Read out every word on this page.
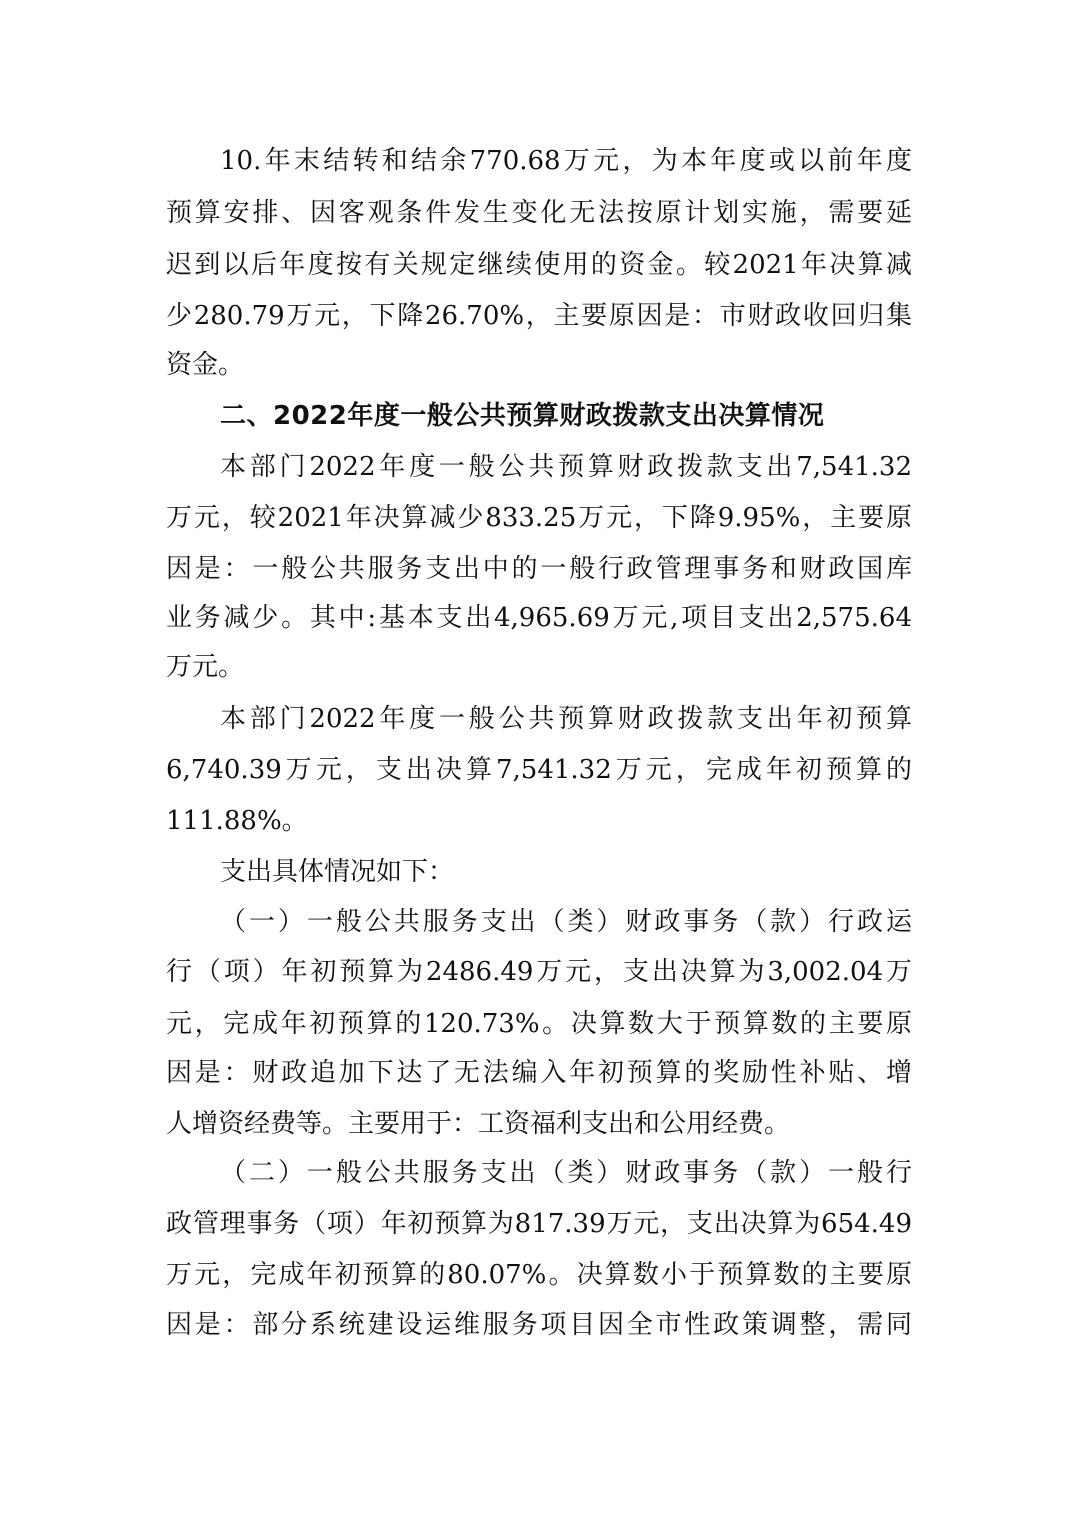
10.年末结转和结余770.68万元，为本年度或以前年度
预算安排、因客观条件发生变化无法按原计划实施，需要延
迟到以后年度按有关规定继续使用的资金。较2021年决算减
少280.79万元，下降26.70%，主要原因是：市财政收回归集
资金。
二、2022年度一般公共预算财政拨款支出决算情况
本部门2022年度一般公共预算财政拨款支出7,541.32
万元，较2021年决算减少833.25万元，下降9.95%，主要原
因是：一般公共服务支出中的一般行政管理事务和财政国库
业务减少。其中:基本支出4,965.69万元,项目支出2,575.64
万元。
本部门2022年度一般公共预算财政拨款支出年初预算
6,740.39万元，支出决算7,541.32万元，完成年初预算的
111.88%。
支出具体情况如下：
（一）一般公共服务支出（类）财政事务（款）行政运
行（项）年初预算为2486.49万元，支出决算为3,002.04万
元，完成年初预算的120.73%。决算数大于预算数的主要原
因是：财政追加下达了无法编入年初预算的奖励性补贴、增
人增资经费等。主要用于：工资福利支出和公用经费。
（二）一般公共服务支出（类）财政事务（款）一般行
政管理事务（项）年初预算为817.39万元，支出决算为654.49
万元，完成年初预算的80.07%。决算数小于预算数的主要原
因是：部分系统建设运维服务项目因全市性政策调整，需同
